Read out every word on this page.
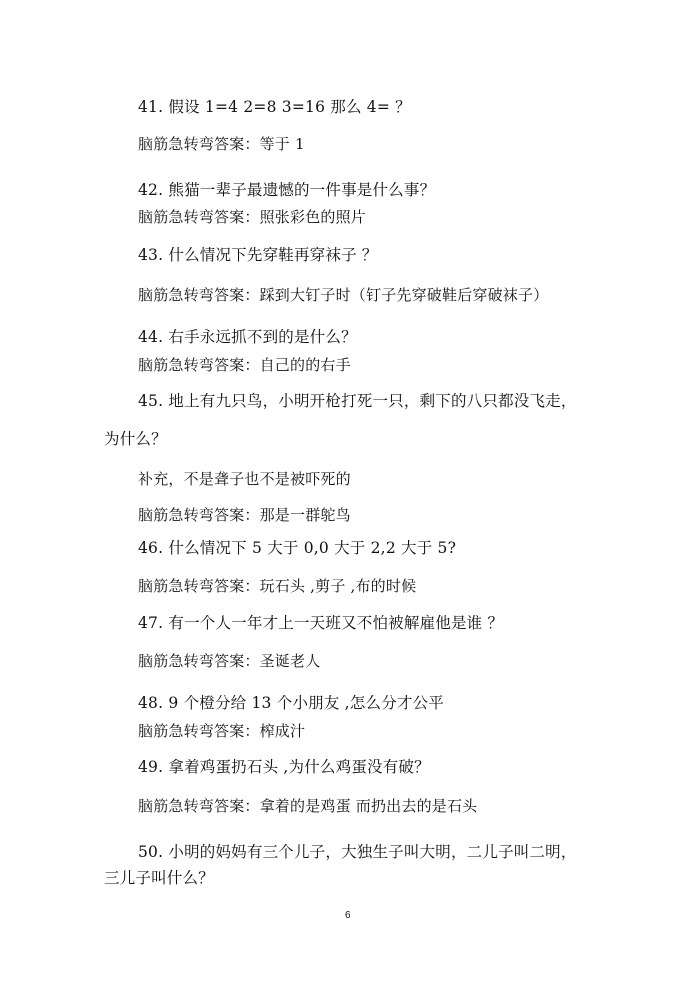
41. 假设 1=4 2=8 3=16 那么 4= ？
脑筋急转弯答案：等于 1
42. 熊猫一辈子最遗憾的一件事是什么事？
脑筋急转弯答案：照张彩色的照片
43. 什么情况下先穿鞋再穿袜子 ？
脑筋急转弯答案：踩到大钉子时（钉子先穿破鞋后穿破袜子）
44. 右手永远抓不到的是什么？
脑筋急转弯答案：自己的的右手
45. 地上有九只鸟，小明开枪打死一只，剩下的八只都没飞走，
为什么？
补充，不是聋子也不是被吓死的
脑筋急转弯答案：那是一群鸵鸟
46. 什么情况下 5 大于 0,0 大于 2,2 大于 5?
脑筋急转弯答案：玩石头 ,剪子 ,布的时候
47. 有一个人一年才上一天班又不怕被解雇他是谁 ？
脑筋急转弯答案：圣诞老人
48. 9 个橙分给 13 个小朋友 ,怎么分才公平
脑筋急转弯答案：榨成汁
49. 拿着鸡蛋扔石头 ,为什么鸡蛋没有破？
脑筋急转弯答案：拿着的是鸡蛋 而扔出去的是石头
50. 小明的妈妈有三个儿子，大独生子叫大明，二儿子叫二明，
三儿子叫什么？
6
